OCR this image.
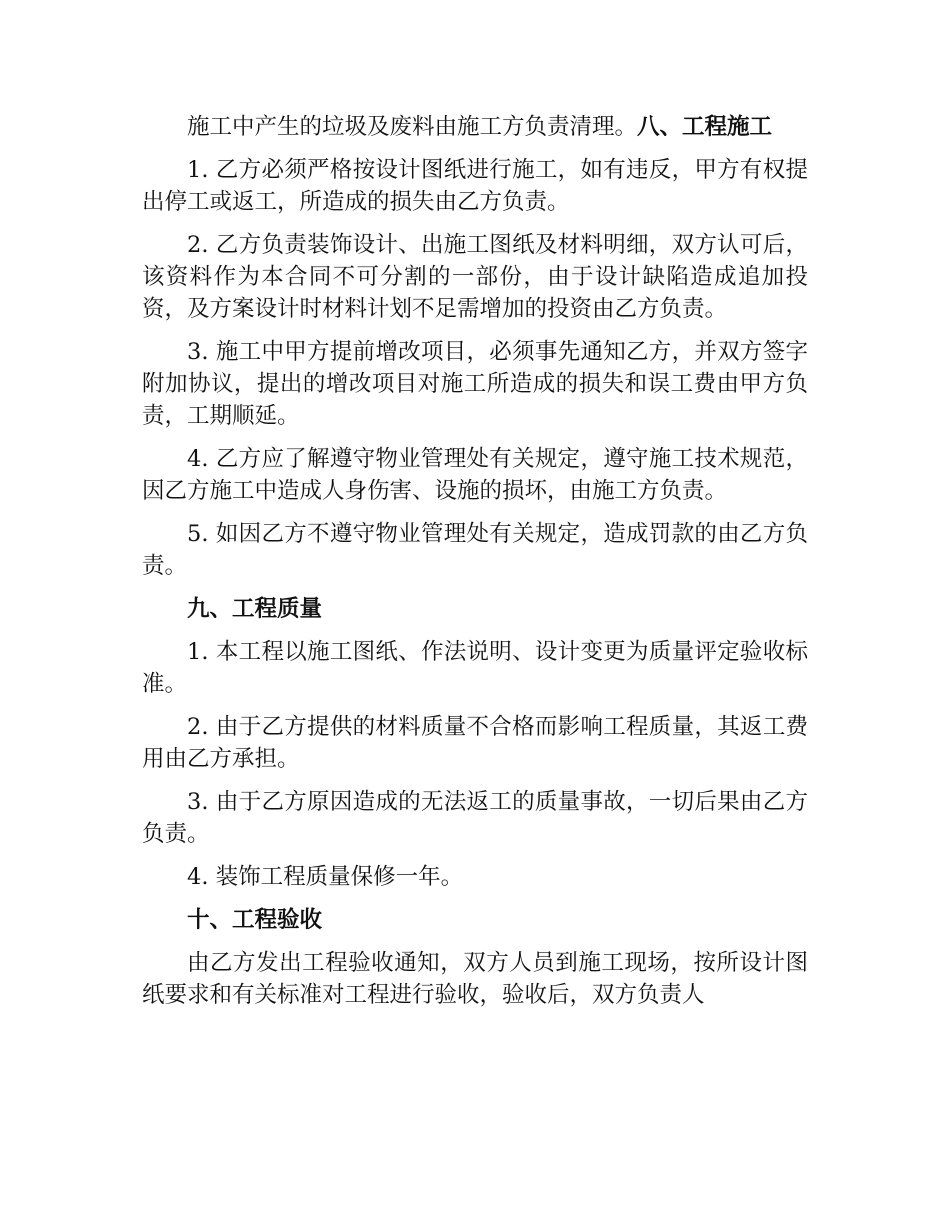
施工中产生的垃圾及废料由施工方负责清理。八、工程施工

1. 乙方必须严格按设计图纸进行施工，如有违反，甲方有权提出停工或返工，所造成的损失由乙方负责。

2. 乙方负责装饰设计、出施工图纸及材料明细，双方认可后，该资料作为本合同不可分割的一部份，由于设计缺陷造成追加投资，及方案设计时材料计划不足需增加的投资由乙方负责。

3. 施工中甲方提前增改项目，必须事先通知乙方，并双方签字附加协议，提出的增改项目对施工所造成的损失和误工费由甲方负责，工期顺延。

4. 乙方应了解遵守物业管理处有关规定，遵守施工技术规范，因乙方施工中造成人身伤害、设施的损坏，由施工方负责。

5. 如因乙方不遵守物业管理处有关规定，造成罚款的由乙方负责。

九、工程质量

1. 本工程以施工图纸、作法说明、设计变更为质量评定验收标准。

2. 由于乙方提供的材料质量不合格而影响工程质量，其返工费用由乙方承担。

3. 由于乙方原因造成的无法返工的质量事故，一切后果由乙方负责。

4. 装饰工程质量保修一年。

十、工程验收

由乙方发出工程验收通知，双方人员到施工现场，按所设计图纸要求和有关标准对工程进行验收，验收后，双方负责人
